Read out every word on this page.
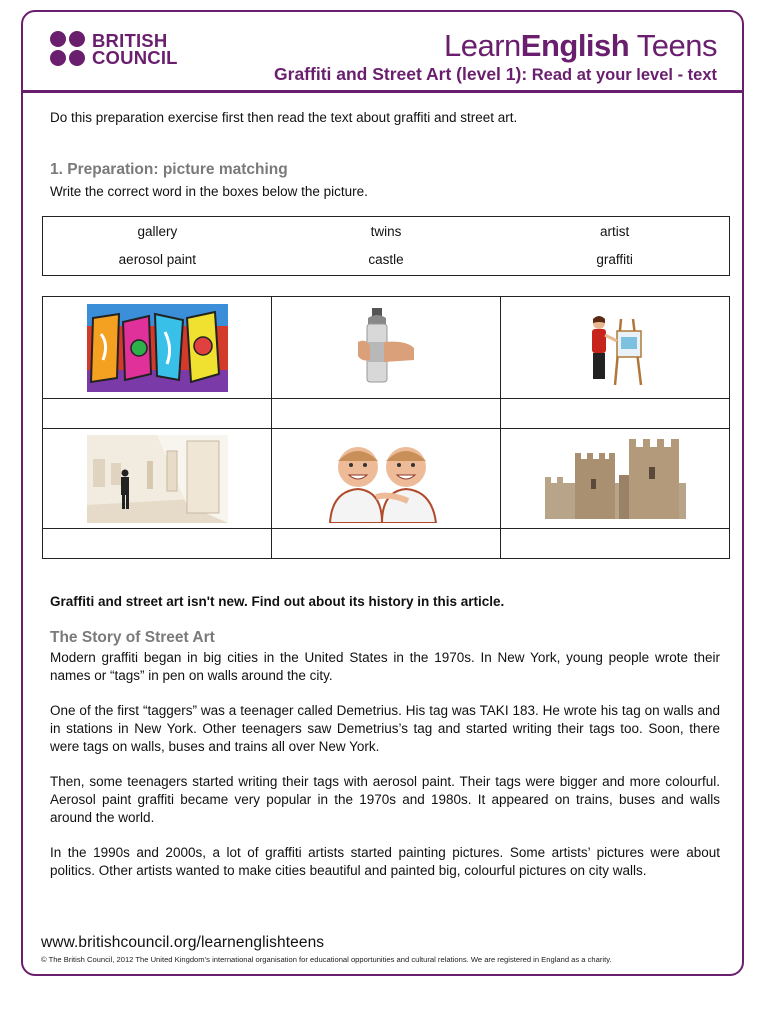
BRITISH
COUNCIL	LearnEnglish Teens
Graffiti and Street Art (level 1): Read at your level - text

Do this preparation exercise first then read the text about graffiti and street art.

1. Preparation: picture matching

Write the correct word in the boxes below the picture.

gallery	twins	artist
aerosol paint	castle	graffiti

Graffiti and street art isn't new. Find out about its history in this article.

The Story of Street Art

Modern graffiti began in big cities in the United States in the 1970s. In New York, young people wrote their names or “tags” in pen on walls around the city.

One of the first “taggers” was a teenager called Demetrius. His tag was TAKI 183. He wrote his tag on walls and in stations in New York. Other teenagers saw Demetrius’s tag and started writing their tags too. Soon, there were tags on walls, buses and trains all over New York.

Then, some teenagers started writing their tags with aerosol paint. Their tags were bigger and more colourful. Aerosol paint graffiti became very popular in the 1970s and 1980s. It appeared on trains, buses and walls around the world.

In the 1990s and 2000s, a lot of graffiti artists started painting pictures. Some artists’ pictures were about politics. Other artists wanted to make cities beautiful and painted big, colourful pictures on city walls.

www.britishcouncil.org/learnenglishteens
© The British Council, 2012 The United Kingdom’s international organisation for educational opportunities and cultural relations. We are registered in England as a charity.
